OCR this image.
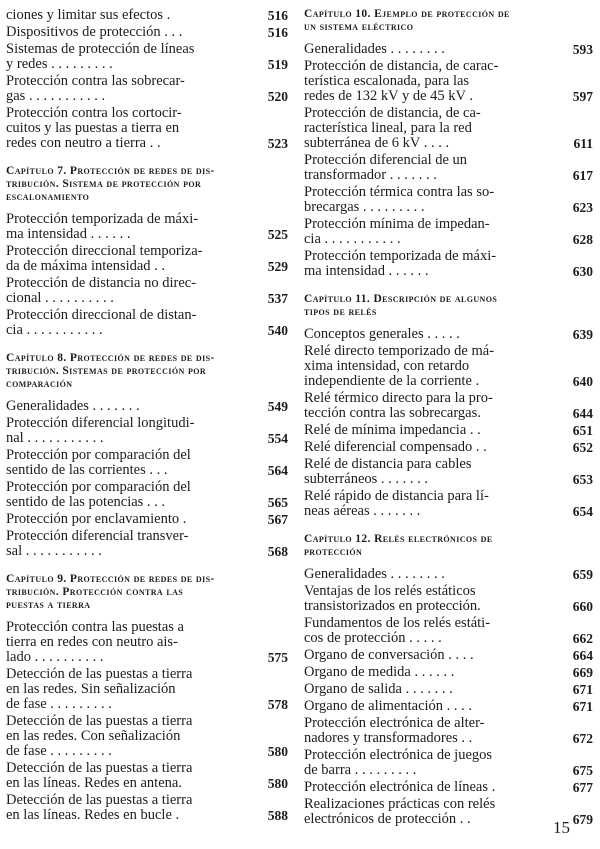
ciones y limitar sus efectos .	516
Dispositivos de protección . . .	516
Sistemas de protección de líneas
y redes . . . . . . . . .	519
Protección contra las sobrecar-
gas . . . . . . . . . . .	520
Protección contra los cortocir-
cuitos y las puestas a tierra en
redes con neutro a tierra . .	523
Capítulo 7. Protección de redes de dis-
tribución. Sistema de protección por
escalonamiento
Protección temporizada de máxi-
ma intensidad . . . . . .	525
Protección direccional temporiza-
da de máxima intensidad . .	529
Protección de distancia no direc-
cional . . . . . . . . . .	537
Protección direccional de distan-
cia . . . . . . . . . . .	540
Capítulo 8. Protección de redes de dis-
tribución. Sistemas de protección por
comparación
Generalidades . . . . . . .	549
Protección diferencial longitudi-
nal . . . . . . . . . . .	554
Protección por comparación del
sentido de las corrientes . . .	564
Protección por comparación del
sentido de las potencias . . .	565
Protección por enclavamiento .	567
Protección diferencial transver-
sal . . . . . . . . . . .	568
Capítulo 9. Protección de redes de dis-
tribución. Protección contra las
puestas a tierra
Protección contra las puestas a
tierra en redes con neutro ais-
lado . . . . . . . . . .	575
Detección de las puestas a tierra
en las redes. Sin señalización
de fase . . . . . . . . .	578
Detección de las puestas a tierra
en las redes. Con señalización
de fase . . . . . . . . .	580
Detección de las puestas a tierra
en las líneas. Redes en antena.	580
Detección de las puestas a tierra
en las líneas. Redes en bucle .	588
Capítulo 10. Ejemplo de protección de
un sistema eléctrico
Generalidades . . . . . . . .	593
Protección de distancia, de carac-
terística escalonada, para las
redes de 132 kV y de 45 kV .	597
Protección de distancia, de ca-
racterística lineal, para la red
subterránea de 6 kV . . . .	611
Protección diferencial de un
transformador . . . . . . .	617
Protección térmica contra las so-
brecargas . . . . . . . . .	623
Protección mínima de impedan-
cia . . . . . . . . . . .	628
Protección temporizada de máxi-
ma intensidad . . . . . .	630
Capítulo 11. Descripción de algunos
tipos de relés
Conceptos generales . . . . .	639
Relé directo temporizado de má-
xima intensidad, con retardo
independiente de la corriente .	640
Relé térmico directo para la pro-
tección contra las sobrecargas.	644
Relé de mínima impedancia . .	651
Relé diferencial compensado . .	652
Relé de distancia para cables
subterráneos . . . . . . .	653
Relé rápido de distancia para lí-
neas aéreas . . . . . . .	654
Capítulo 12. Relés electrónicos de
protección
Generalidades . . . . . . . .	659
Ventajas de los relés estáticos
transistorizados en protección.	660
Fundamentos de los relés estáti-
cos de protección . . . . .	662
Organo de conversación . . . .	664
Organo de medida . . . . . .	669
Organo de salida . . . . . . .	671
Organo de alimentación . . . .	671
Protección electrónica de alter-
nadores y transformadores . .	672
Protección electrónica de juegos
de barra . . . . . . . . .	675
Protección electrónica de líneas .	677
Realizaciones prácticas con relés
electrónicos de protección . .	679
15
